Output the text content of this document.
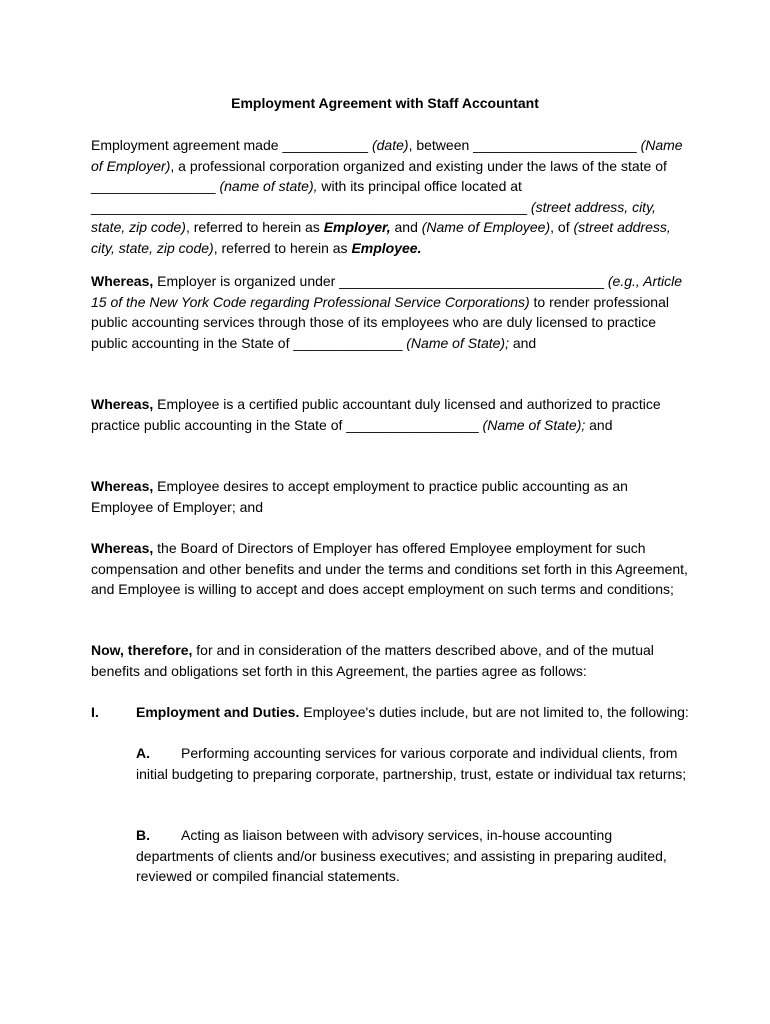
Employment Agreement with Staff Accountant
Employment agreement made ___________ (date), between _____________________ (Name of Employer), a professional corporation organized and existing under the laws of the state of ________________ (name of state), with its principal office located at ________________________________________________________ (street address, city, state, zip code), referred to herein as Employer, and (Name of Employee), of (street address, city, state, zip code), referred to herein as Employee.
Whereas, Employer is organized under __________________________________ (e.g., Article 15 of the New York Code regarding Professional Service Corporations) to render professional public accounting services through those of its employees who are duly licensed to practice public accounting in the State of ______________ (Name of State); and
Whereas, Employee is a certified public accountant duly licensed and authorized to practice practice public accounting in the State of _________________ (Name of State); and
Whereas, Employee desires to accept employment to practice public accounting as an Employee of Employer; and
Whereas, the Board of Directors of Employer has offered Employee employment for such compensation and other benefits and under the terms and conditions set forth in this Agreement, and Employee is willing to accept and does accept employment on such terms and conditions;
Now, therefore, for and in consideration of the matters described above, and of the mutual benefits and obligations set forth in this Agreement, the parties agree as follows:
I.	Employment and Duties. Employee's duties include, but are not limited to, the following:
A. Performing accounting services for various corporate and individual clients, from initial budgeting to preparing corporate, partnership, trust, estate or individual tax returns;
B. Acting as liaison between with advisory services, in-house accounting departments of clients and/or business executives; and assisting in preparing audited, reviewed or compiled financial statements.
